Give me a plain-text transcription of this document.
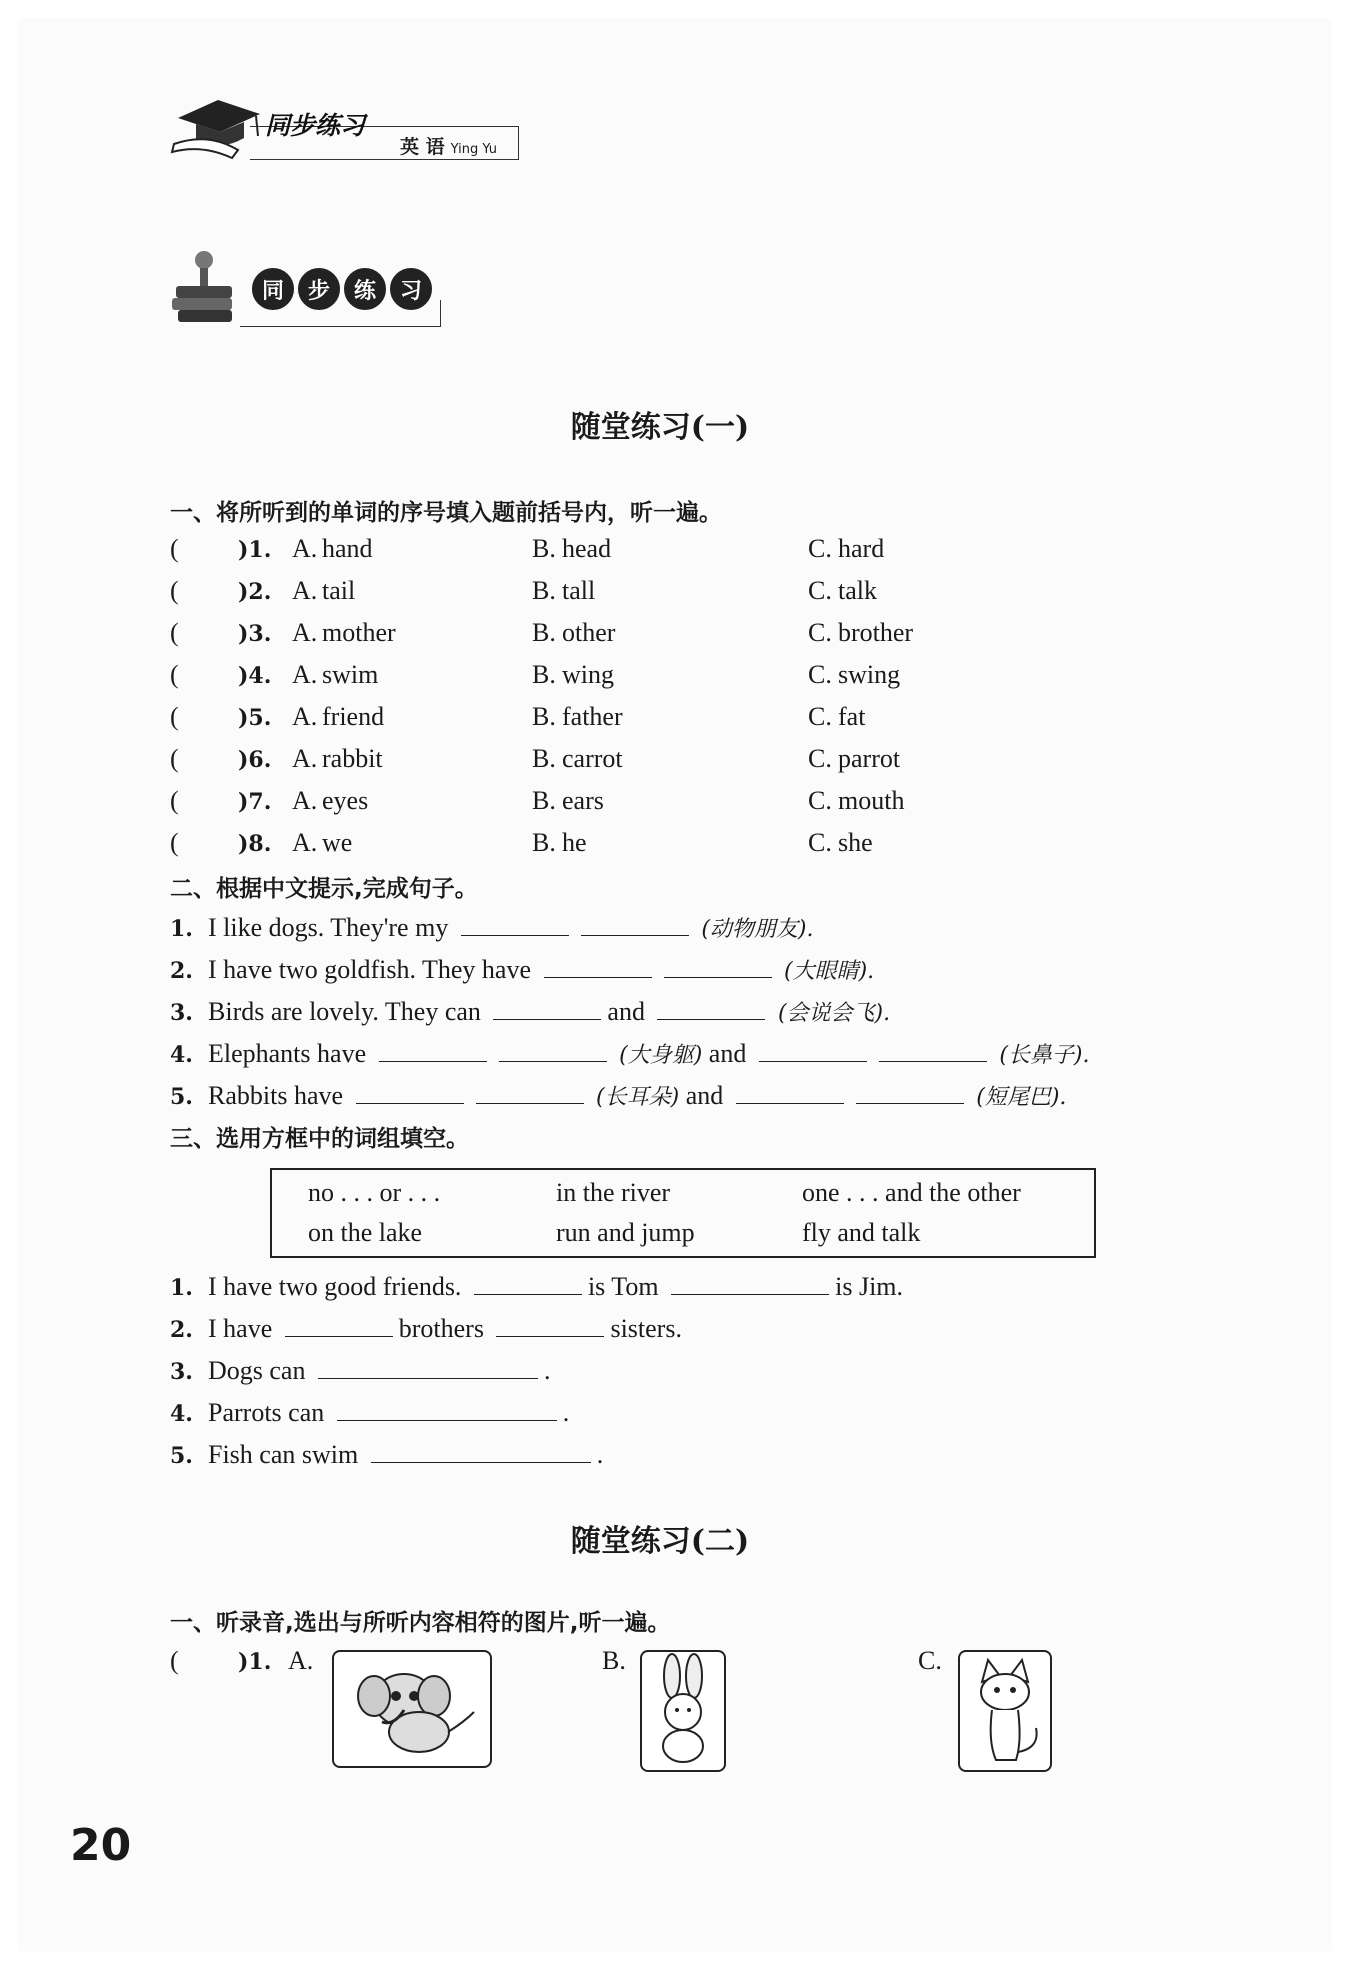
同步练习
英 语 Ying Yu
同	步	练	习
随堂练习(一)
一、将所听到的单词的序号填入题前括号内，听一遍。
(	)1. A. hand	B. head	C. hard
(	)2. A. tail	B. tall	C. talk
(	)3. A. mother	B. other	C. brother
(	)4. A. swim	B. wing	C. swing
(	)5. A. friend	B. father	C. fat
(	)6. A. rabbit	B. carrot	C. parrot
(	)7. A. eyes	B. ears	C. mouth
(	)8. A. we	B. he	C. she
二、根据中文提示,完成句子。
1. I like dogs. They're my	(动物朋友).
2. I have two goldfish. They have	(大眼睛).
3. Birds are lovely. They can	and	(会说会飞).
4. Elephants have	(大身躯) and	(长鼻子).
5. Rabbits have	(长耳朵) and	(短尾巴).
三、选用方框中的词组填空。
no . . . or . . .	in the river	one . . . and the other
on the lake	run and jump	fly and talk
1. I have two good friends.	is Tom	is Jim.
2. I have	brothers	sisters.
3. Dogs can	.
4. Parrots can	.
5. Fish can swim	.
随堂练习(二)
一、听录音,选出与所听内容相符的图片,听一遍。
(	)1. A.	B.	C.
20
